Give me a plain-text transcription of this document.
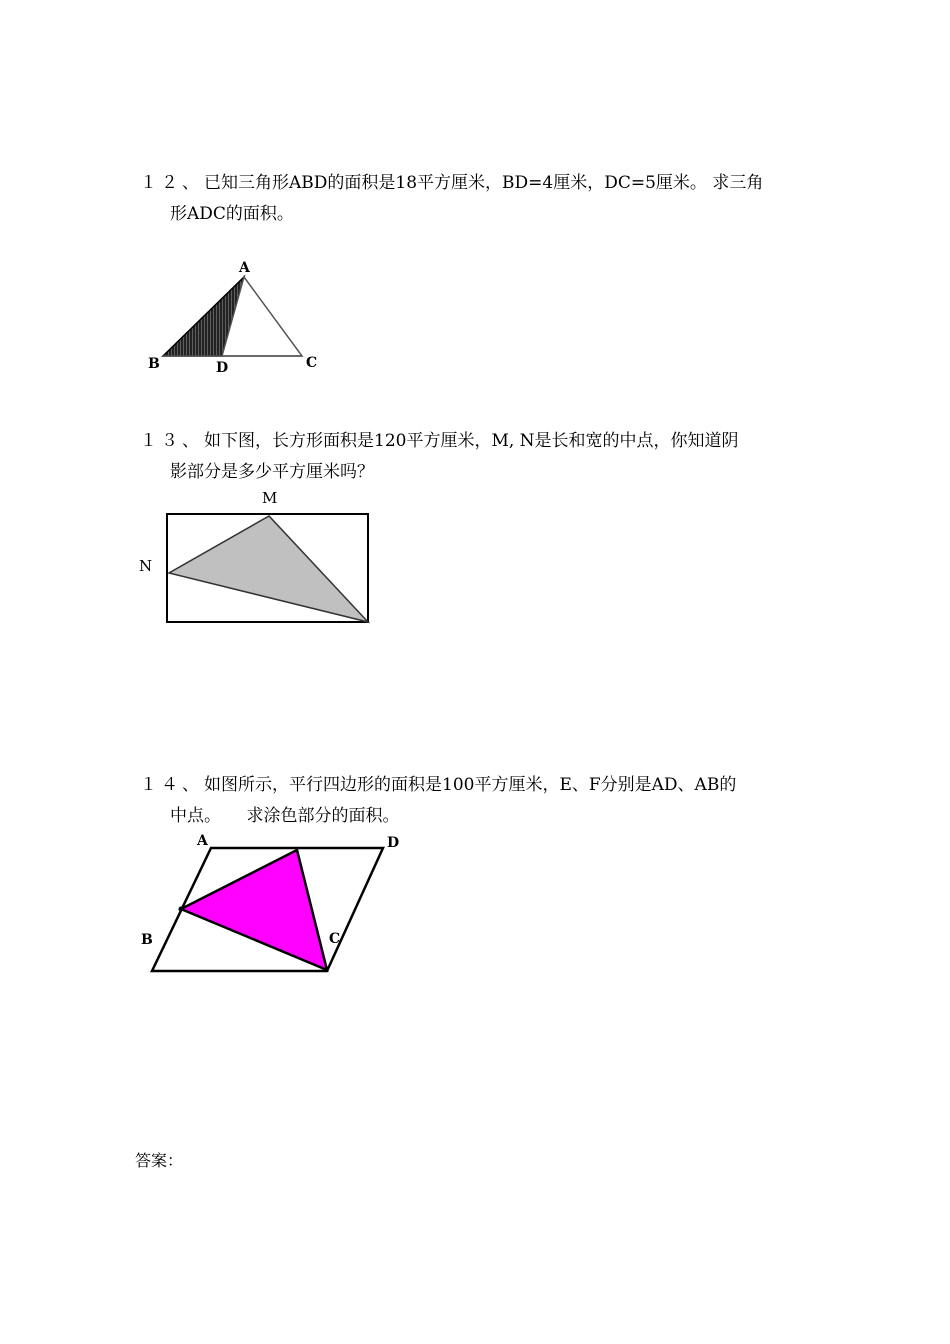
１２、已知三角形ABD的面积是18平方厘米，BD=4厘米，DC=5厘米。 求三角
形ADC的面积。
A
B	D	C
１３、如下图，长方形面积是120平方厘米，M, N是长和宽的中点，你知道阴
影部分是多少平方厘米吗？
M
N
１４、如图所示，平行四边形的面积是100平方厘米，E、F分别是AD、AB的
中点。　　求涂色部分的面积。
A	D
B	C
答案：
